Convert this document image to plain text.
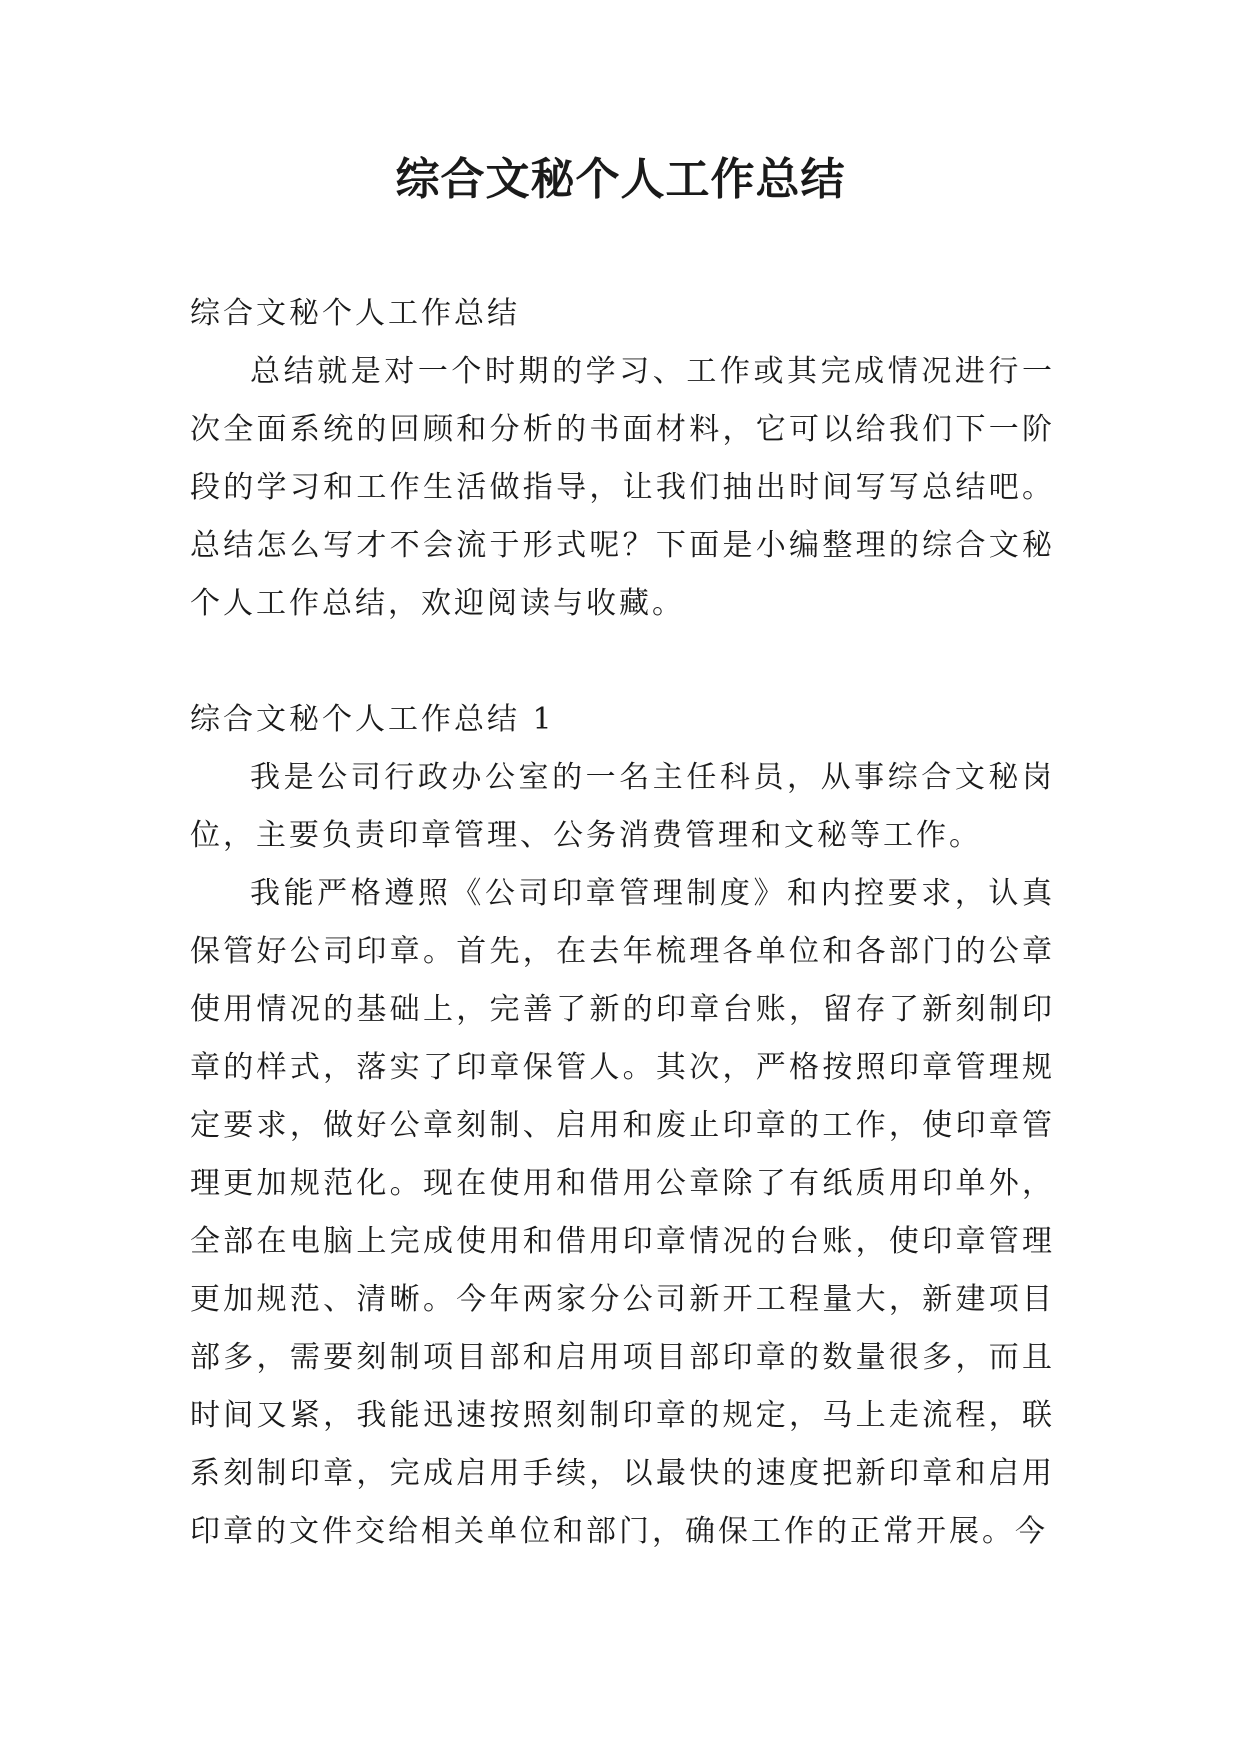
综合文秘个人工作总结

综合文秘个人工作总结

总结就是对一个时期的学习、工作或其完成情况进行一次全面系统的回顾和分析的书面材料，它可以给我们下一阶段的学习和工作生活做指导，让我们抽出时间写写总结吧。总结怎么写才不会流于形式呢？下面是小编整理的综合文秘个人工作总结，欢迎阅读与收藏。

综合文秘个人工作总结 1

我是公司行政办公室的一名主任科员，从事综合文秘岗位，主要负责印章管理、公务消费管理和文秘等工作。

我能严格遵照《公司印章管理制度》和内控要求，认真保管好公司印章。首先，在去年梳理各单位和各部门的公章使用情况的基础上，完善了新的印章台账，留存了新刻制印章的样式，落实了印章保管人。其次，严格按照印章管理规定要求，做好公章刻制、启用和废止印章的工作，使印章管理更加规范化。现在使用和借用公章除了有纸质用印单外，全部在电脑上完成使用和借用印章情况的台账，使印章管理更加规范、清晰。今年两家分公司新开工程量大，新建项目部多，需要刻制项目部和启用项目部印章的数量很多，而且时间又紧，我能迅速按照刻制印章的规定，马上走流程，联系刻制印章，完成启用手续，以最快的速度把新印章和启用印章的文件交给相关单位和部门，确保工作的正常开展。今
